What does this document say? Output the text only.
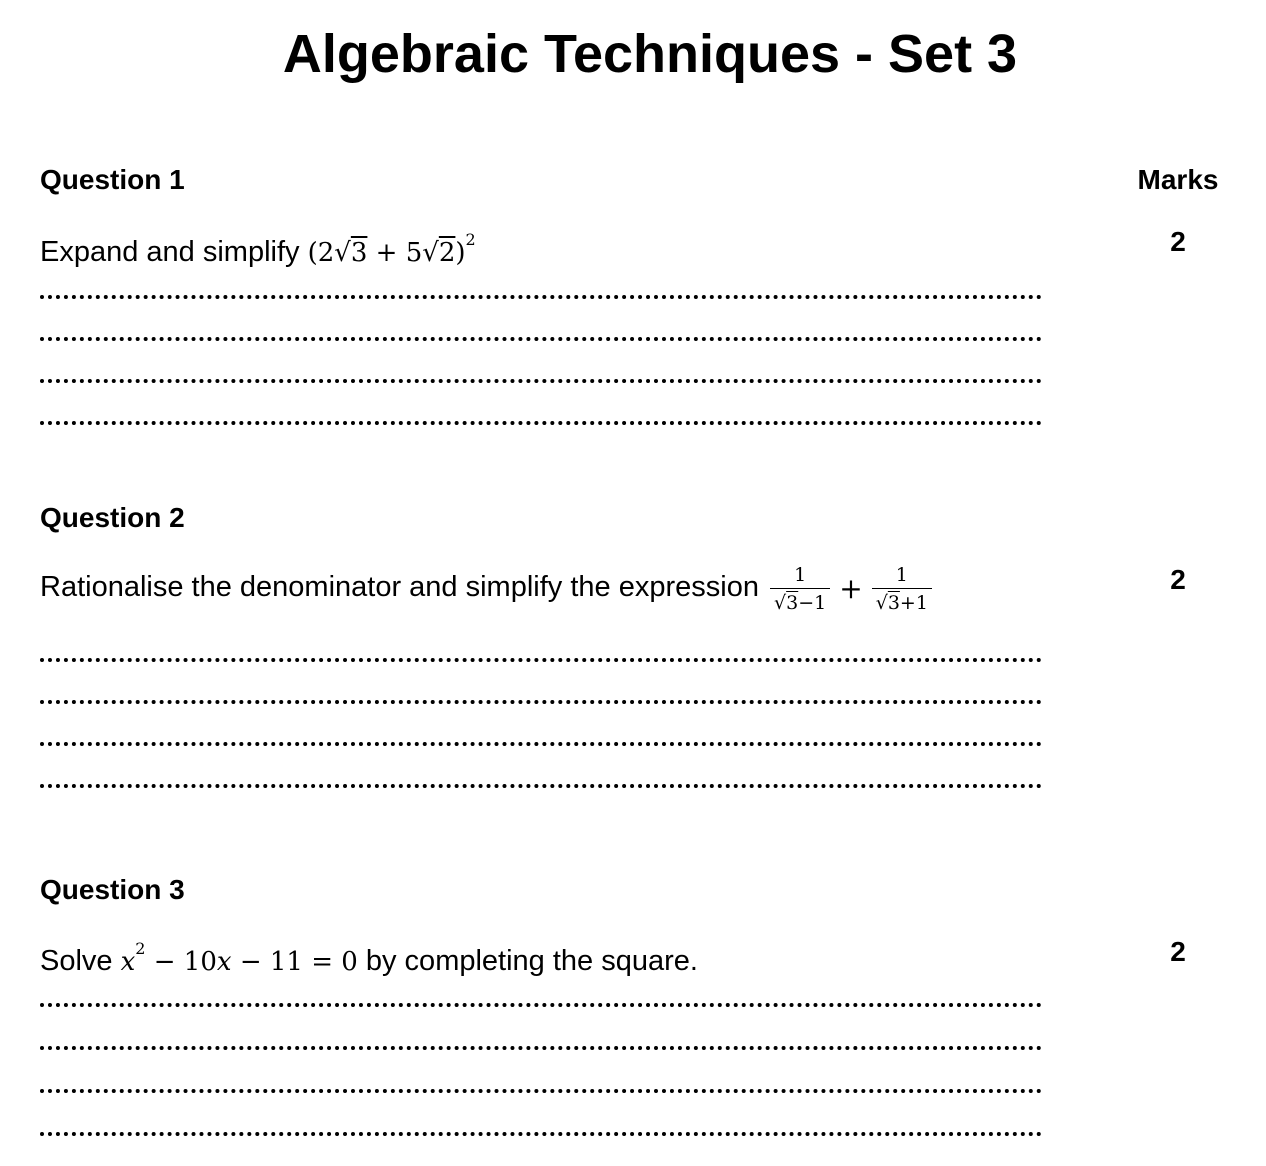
Algebraic Techniques - Set 3
Question 1	Marks
2
Expand and simplify $(2√3 + 5√2)^2$
Question 2
2
Rationalise the denominator and simplify the expression $\frac{1}{√3-1} + \frac{1}{√3+1}$
Question 3
2
Solve $x^2 - 10x - 11 = 0$ by completing the square.
